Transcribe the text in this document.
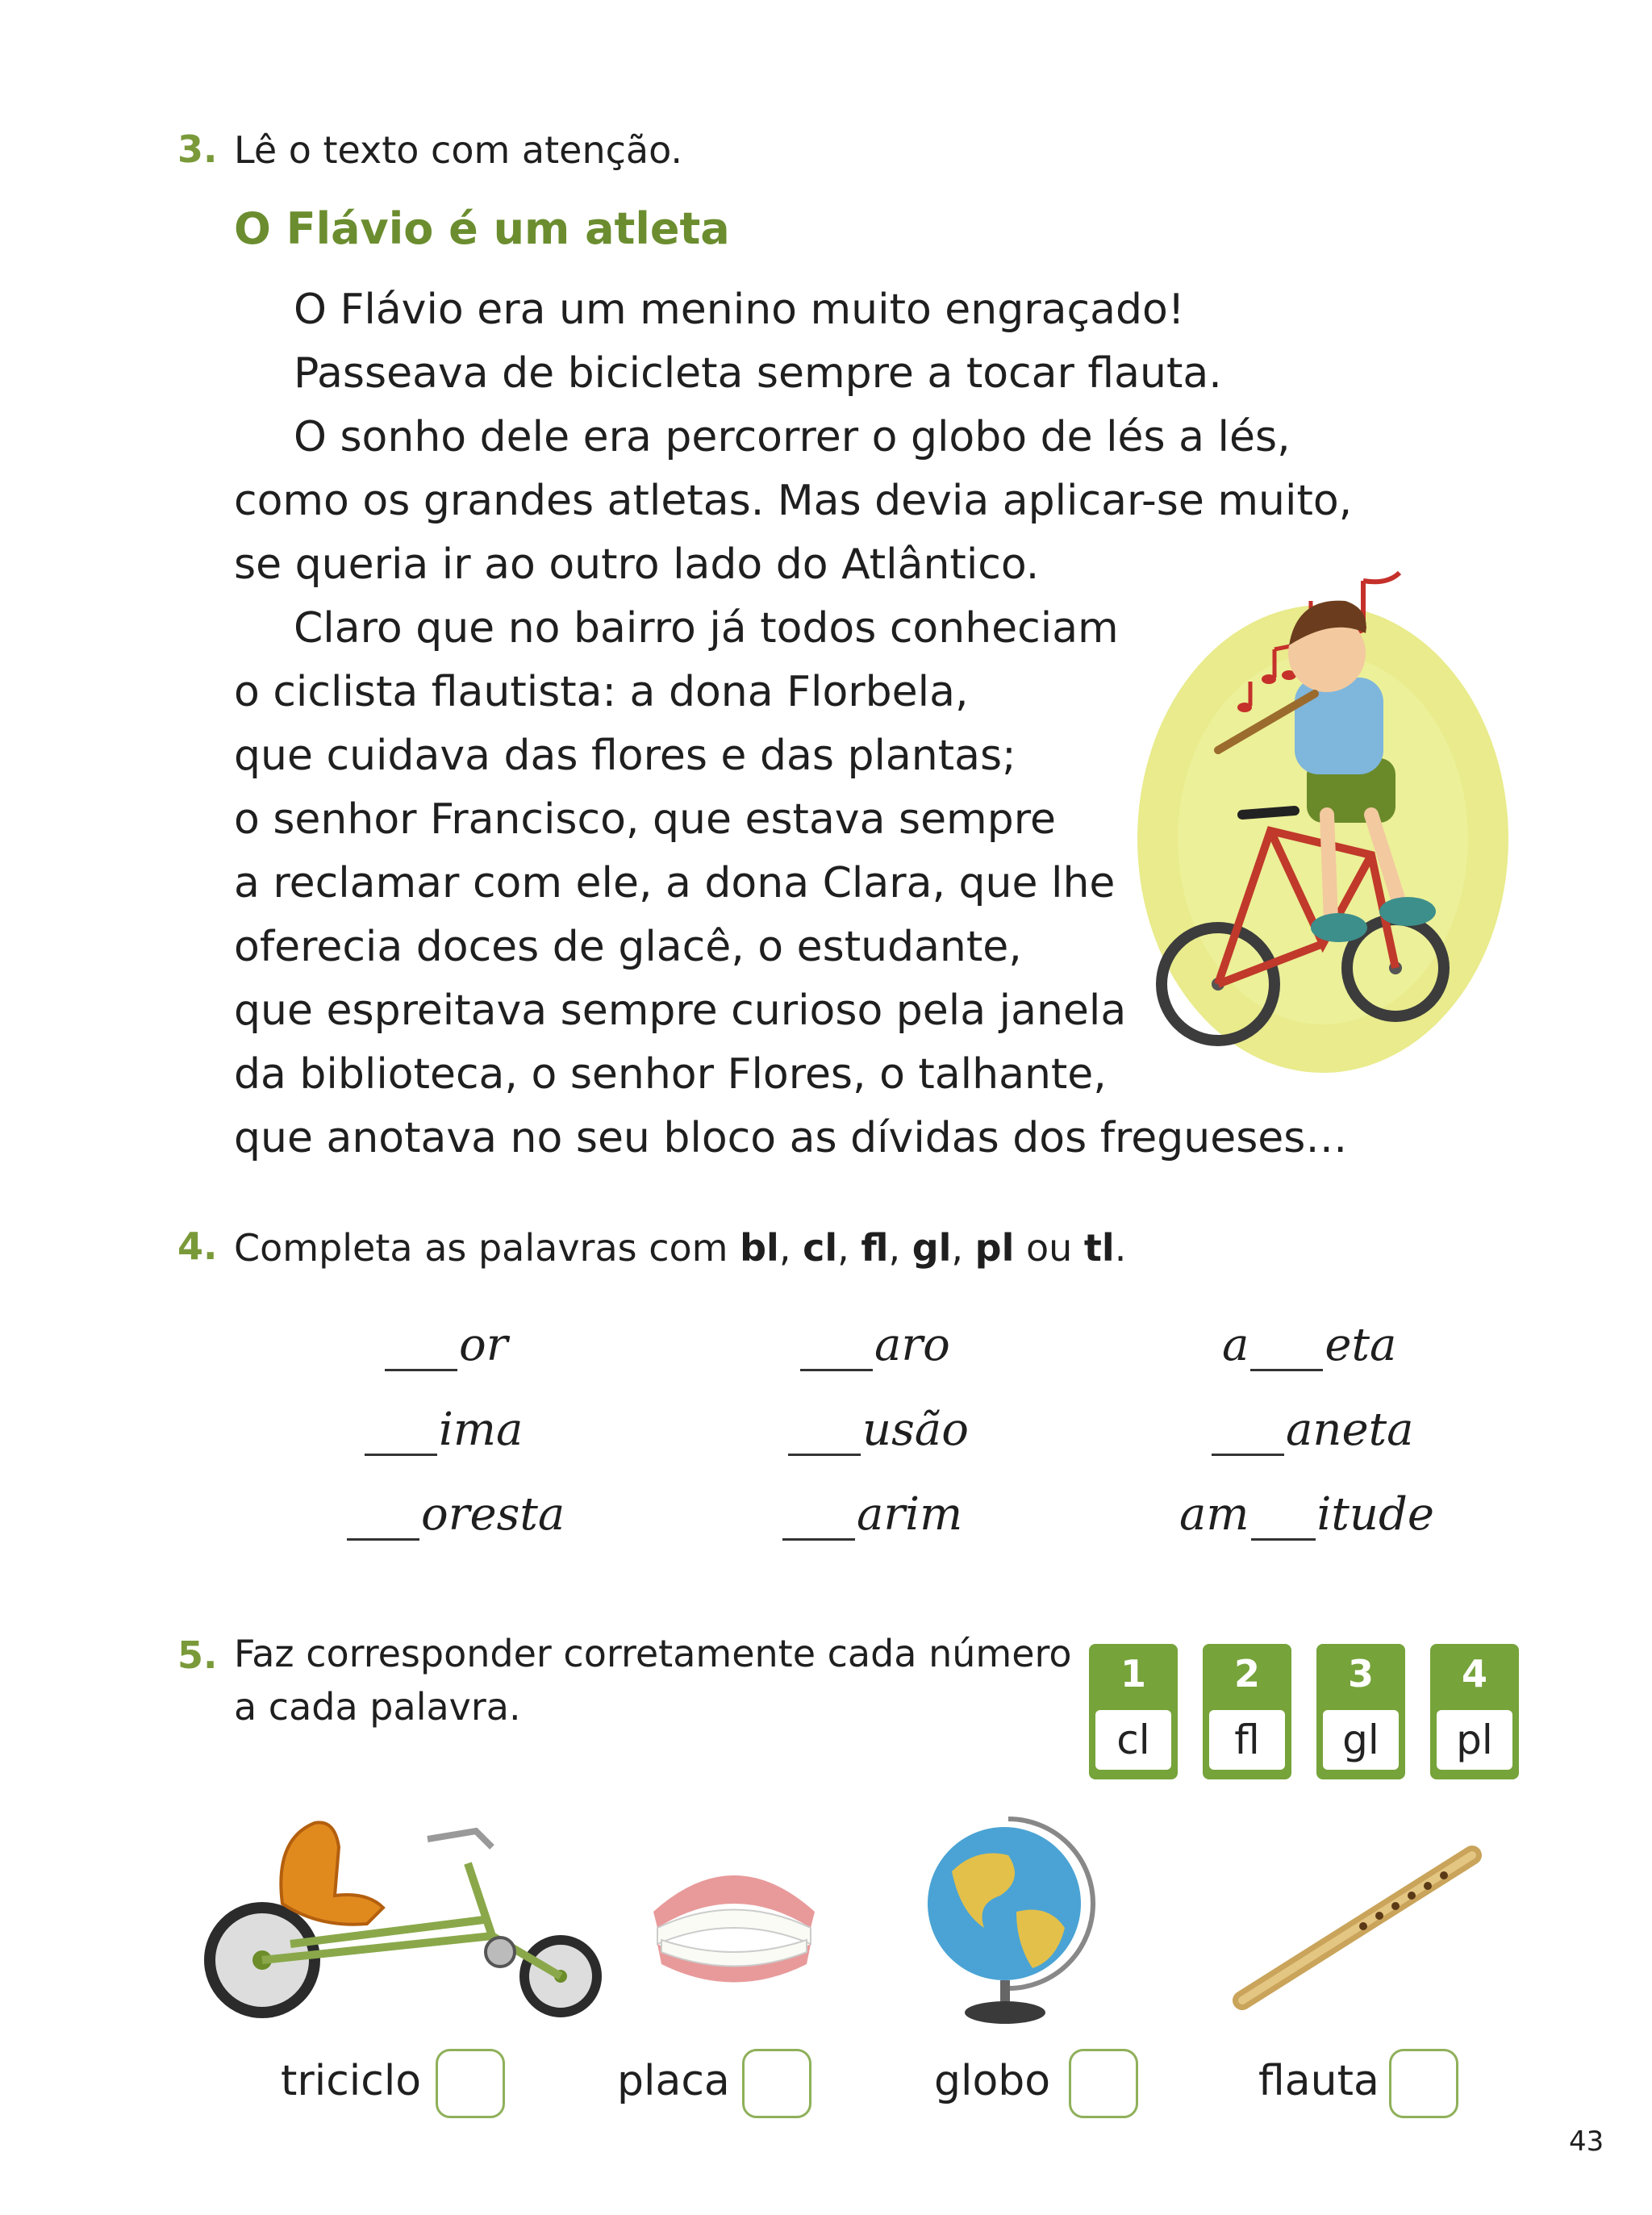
3. Lê o texto com atenção.
O Flávio é um atleta

O Flávio era um menino muito engraçado!

Passeava de bicicleta sempre a tocar flauta.

O sonho dele era percorrer o globo de lés a lés,

como os grandes atletas. Mas devia aplicar-se muito,

se queria ir ao outro lado do Atlântico.

Claro que no bairro já todos conheciam

o ciclista flautista: a dona Florbela,

que cuidava das flores e das plantas;

o senhor Francisco, que estava sempre

a reclamar com ele, a dona Clara, que lhe

oferecia doces de glacê, o estudante,

que espreitava sempre curioso pela janela

da biblioteca, o senhor Flores, o talhante,

que anotava no seu bloco as dívidas dos fregueses…

4. Completa as palavras com bl, cl, fl, gl, pl ou tl.
or	aro	a eta
ima	usão	aneta
oresta	arim	am itude
5. Faz corresponder corretamente cada número
a cada palavra.
1
cl
2
fl
3
gl
4
pl
triciclo	placa	globo	flauta
43
